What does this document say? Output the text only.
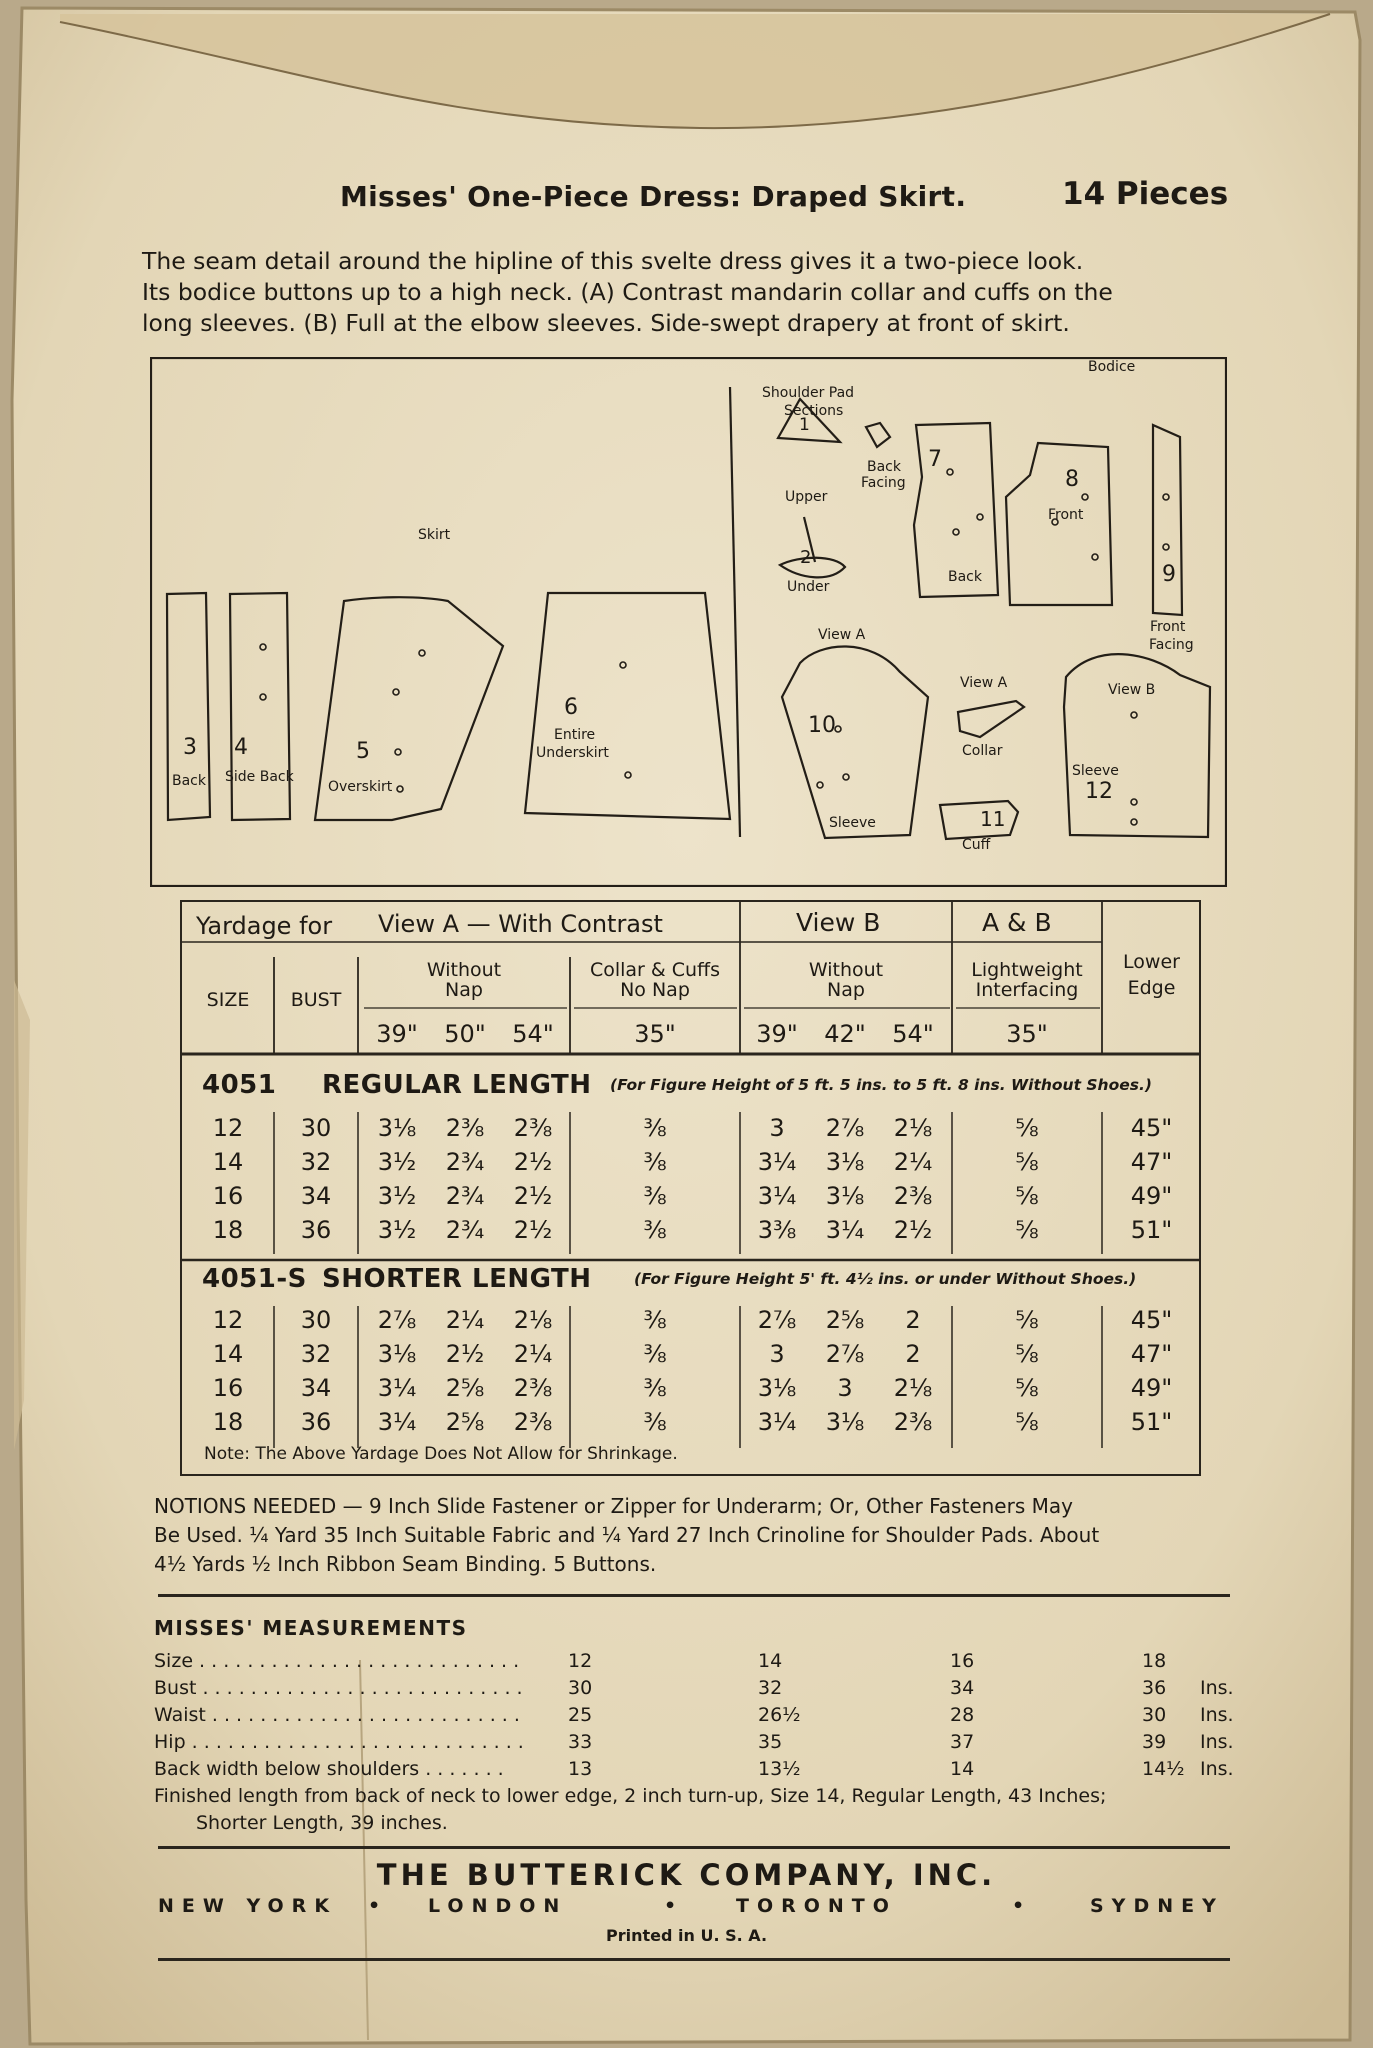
Misses' One-Piece Dress: Draped Skirt.	14 Pieces
The seam detail around the hipline of this svelte dress gives it a two-piece look.
Its bodice buttons up to a high neck. (A) Contrast mandarin collar and cuffs on the
long sleeves. (B) Full at the elbow sleeves. Side-swept drapery at front of skirt.
Bodice
Shoulder Pad
Sections
Back
Facing
Upper
Under
1
2
7
Back
8
Front
9
Front
Facing
Skirt
3
Back
4
Side Back
5
Overskirt
6
Entire
Underskirt
View A
10
Sleeve
View A
Collar
11
Cuff
View B
Sleeve
12
Yardage for View A — With Contrast	View B	A & B
SIZE	BUST
Without
Nap
Collar & Cuffs
No Nap
Without
Nap
Lightweight
Interfacing
Lower
Edge
39"	50"	54"	35"	39"	42"	54"	35"
4051 REGULAR LENGTH (For Figure Height of 5 ft. 5 ins. to 5 ft. 8 ins. Without Shoes.)
12	30	3⅛	2⅜	2⅜	⅜	3	2⅞	2⅛	⅝	45"
14	32	3½	2¾	2½	⅜	3¼	3⅛	2¼	⅝	47"
16	34	3½	2¾	2½	⅜	3¼	3⅛	2⅜	⅝	49"
18	36	3½	2¾	2½	⅜	3⅜	3¼	2½	⅝	51"
4051-S SHORTER LENGTH	(For Figure Height 5' ft. 4½ ins. or under Without Shoes.)
12	30	2⅞	2¼	2⅛	⅜	2⅞	2⅝	2	⅝	45"
14	32	3⅛	2½	2¼	⅜	3	2⅞	2	⅝	47"
16	34	3¼	2⅝	2⅜	⅜	3⅛	3	2⅛	⅝	49"
18	36	3¼	2⅝	2⅜	⅜	3¼	3⅛	2⅜	⅝	51"
Note: The Above Yardage Does Not Allow for Shrinkage.
NOTIONS NEEDED — 9 Inch Slide Fastener or Zipper for Underarm; Or, Other Fasteners May
Be Used. ¼ Yard 35 Inch Suitable Fabric and ¼ Yard 27 Inch Crinoline for Shoulder Pads. About
4½ Yards ½ Inch Ribbon Seam Binding. 5 Buttons.
MISSES' MEASUREMENTS
Size . . . . . . . . . . . . . . . . . . . . . . . . . . .	12	14	16	18
Bust . . . . . . . . . . . . . . . . . . . . . . . . . . . 30	32	34	36 Ins.
Waist . . . . . . . . . . . . . . . . . . . . . . . . . .	25	26½	28	30 Ins.
Hip . . . . . . . . . . . . . . . . . . . . . . . . . . . . 33	35	37	39 Ins.
Back width below shoulders . . . . . . .	13	13½	14	14½ Ins.
Finished length from back of neck to lower edge, 2 inch turn-up, Size 14, Regular Length, 43 Inches;
Shorter Length, 39 inches.
THE BUTTERICK COMPANY, INC.
NEW YORK • LONDON	•	TORONTO	•	SYDNEY
Printed in U. S. A.
